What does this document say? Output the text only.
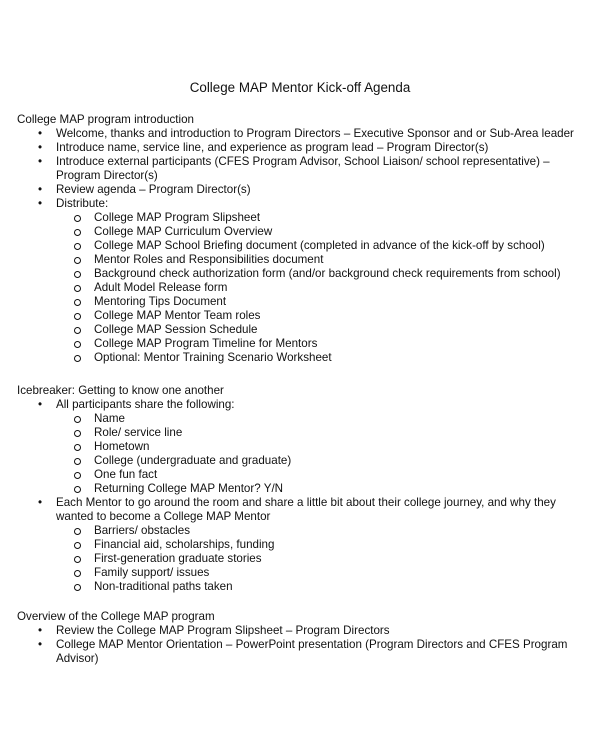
College MAP Mentor Kick-off Agenda
College MAP program introduction
• Welcome, thanks and introduction to Program Directors – Executive Sponsor and or Sub-Area leader
• Introduce name, service line, and experience as program lead – Program Director(s)
• Introduce external participants (CFES Program Advisor, School Liaison/ school representative) – Program Director(s)
• Review agenda – Program Director(s)
• Distribute:
College MAP Program Slipsheet
College MAP Curriculum Overview
College MAP School Briefing document (completed in advance of the kick-off by school)
Mentor Roles and Responsibilities document
Background check authorization form (and/or background check requirements from school)
Adult Model Release form
Mentoring Tips Document
College MAP Mentor Team roles
College MAP Session Schedule
College MAP Program Timeline for Mentors
Optional: Mentor Training Scenario Worksheet
Icebreaker: Getting to know one another
• All participants share the following:
Name
Role/ service line
Hometown
College (undergraduate and graduate)
One fun fact
Returning College MAP Mentor? Y/N
• Each Mentor to go around the room and share a little bit about their college journey, and why they wanted to become a College MAP Mentor
Barriers/ obstacles
Financial aid, scholarships, funding
First-generation graduate stories
Family support/ issues
Non-traditional paths taken
Overview of the College MAP program
• Review the College MAP Program Slipsheet – Program Directors
• College MAP Mentor Orientation – PowerPoint presentation (Program Directors and CFES Program Advisor)
